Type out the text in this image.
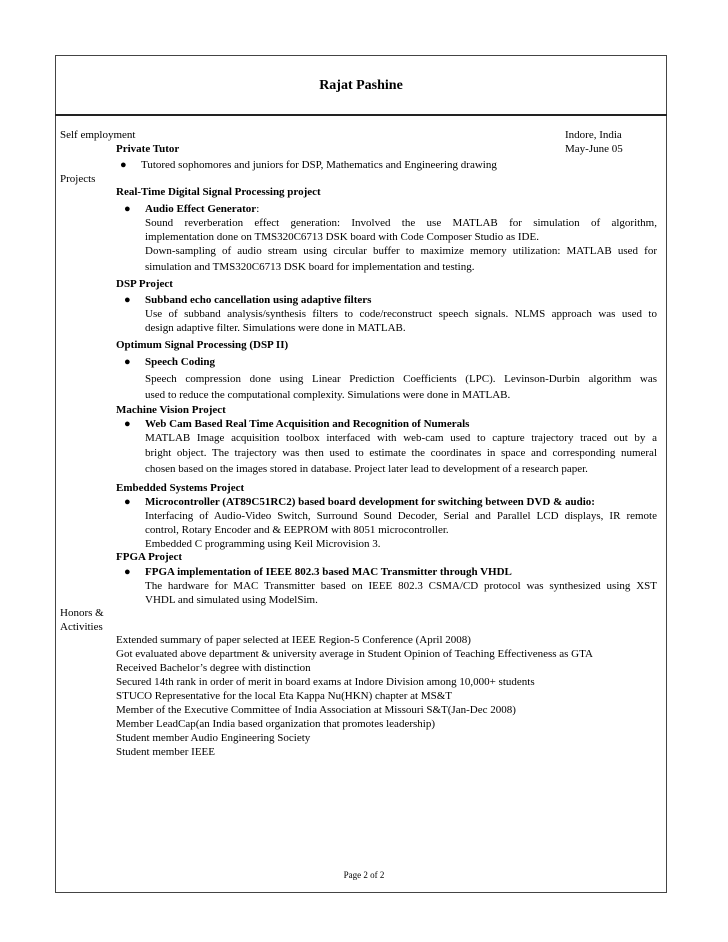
Rajat Pashine
Self employment	Indore, India
Private Tutor	May-June 05
● Tutored sophomores and juniors for DSP, Mathematics and Engineering drawing
Projects
Real-Time Digital Signal Processing project
● Audio Effect Generator:
Sound reverberation effect generation: Involved the use MATLAB for simulation of algorithm,
implementation done on TMS320C6713 DSK board with Code Composer Studio as IDE.
Down-sampling of audio stream using circular buffer to maximize memory utilization: MATLAB used for
simulation and TMS320C6713 DSK board for implementation and testing.
DSP Project
● Subband echo cancellation using adaptive filters
Use of subband analysis/synthesis filters to code/reconstruct speech signals. NLMS approach was used to
design adaptive filter. Simulations were done in MATLAB.
Optimum Signal Processing (DSP II)
● Speech Coding
Speech compression done using Linear Prediction Coefficients (LPC). Levinson-Durbin algorithm was
used to reduce the computational complexity. Simulations were done in MATLAB.
Machine Vision Project
● Web Cam Based Real Time Acquisition and Recognition of Numerals
MATLAB Image acquisition toolbox interfaced with web-cam used to capture trajectory traced out by a
bright object. The trajectory was then used to estimate the coordinates in space and corresponding numeral
chosen based on the images stored in database. Project later lead to development of a research paper.
Embedded Systems Project
● Microcontroller (AT89C51RC2) based board development for switching between DVD & audio:
Interfacing of Audio-Video Switch, Surround Sound Decoder, Serial and Parallel LCD displays, IR remote
control, Rotary Encoder and & EEPROM with 8051 microcontroller.
Embedded C programming using Keil Microvision 3.
FPGA Project
● FPGA implementation of IEEE 802.3 based MAC Transmitter through VHDL
The hardware for MAC Transmitter based on IEEE 802.3 CSMA/CD protocol was synthesized using XST
VHDL and simulated using ModelSim.
Honors &
Activities
Extended summary of paper selected at IEEE Region-5 Conference (April 2008)
Got evaluated above department & university average in Student Opinion of Teaching Effectiveness as GTA
Received Bachelor’s degree with distinction
Secured 14th rank in order of merit in board exams at Indore Division among 10,000+ students
STUCO Representative for the local Eta Kappa Nu(HKN) chapter at MS&T
Member of the Executive Committee of India Association at Missouri S&T(Jan-Dec 2008)
Member LeadCap(an India based organization that promotes leadership)
Student member Audio Engineering Society
Student member IEEE
Page 2 of 2
